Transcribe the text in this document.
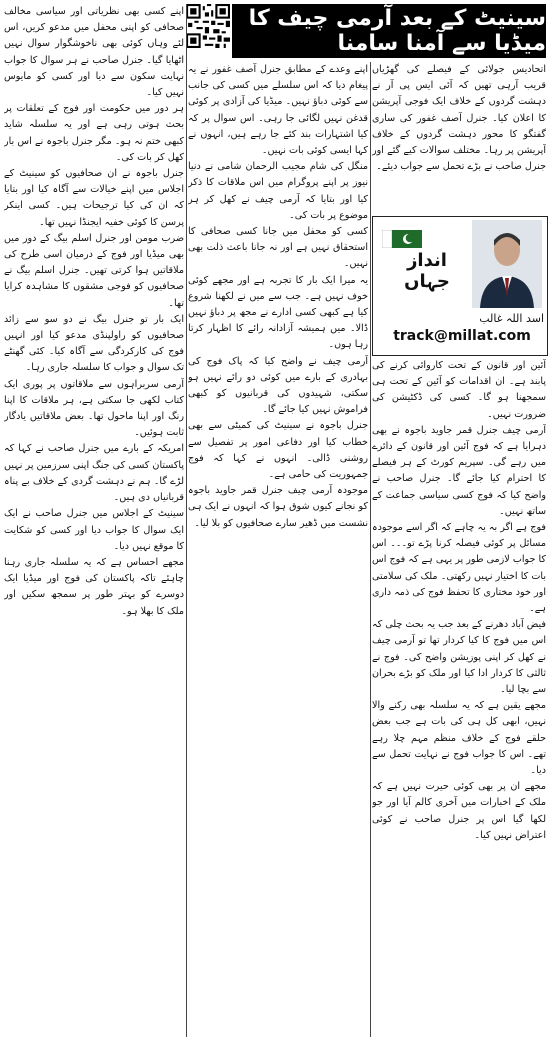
سینیٹ کے بعد آرمی چیف کا میڈیا سے آمنا سامنا

اتحادیس جولائی کے فیصلے کی گھڑیاں قریب آرہی تھیں کہ آئی ایس پی آر نے دہشت گردوں کے خلاف ایک فوجی آپریشن کا اعلان کیا۔ جنرل آصف غفور کی ساری گفتگو کا محور دہشت گردوں کے خلاف آپریشن پر رہا۔ مختلف سوالات کیے گئے اور جنرل صاحب نے بڑے تحمل سے جواب دیئے۔

انداز جہاں
اسد اللہ غالب
track@millat.com

آئین اور قانون کے تحت کاروائی کرنے کی پابند ہے۔ ان اقدامات کو آئین کے تحت ہی سمجھنا ہو گا۔ کسی کی ڈکٹیشن کی ضرورت نہیں۔

آرمی چیف جنرل قمر جاوید باجوہ نے بھی دہرایا ہے کہ فوج آئین اور قانون کے دائرے میں رہے گی۔ سپریم کورٹ کے ہر فیصلے کا احترام کیا جائے گا۔ جنرل صاحب نے واضح کیا کہ فوج کسی سیاسی جماعت کے ساتھ نہیں۔

فوج ہے اگر بہ یہ چاہے کہ اگر اسے موجودہ مسائل پر کوئی فیصلہ کرنا پڑے تو۔۔۔ اس کا جواب لازمی طور پر یہی ہے کہ فوج اس بات کا اختیار نہیں رکھتی۔ ملک کی سلامتی اور خود مختاری کا تحفظ فوج کی ذمہ داری ہے۔

فیض آباد دھرنے کے بعد جب یہ بحث چلی کہ اس میں فوج کا کیا کردار تھا تو آرمی چیف نے کھل کر اپنی پوزیشن واضح کی۔ فوج نے ثالثی کا کردار ادا کیا اور ملک کو بڑے بحران سے بچا لیا۔

مجھے یقین ہے کہ یہ سلسلہ بھی رکنے والا نہیں، ابھی کل ہی کی بات ہے جب بعض حلقے فوج کے خلاف منظم مہم چلا رہے تھے۔ اس کا جواب فوج نے نہایت تحمل سے دیا۔

مجھے ان پر بھی کوئی حیرت نہیں ہے کہ ملک کے اخبارات میں آخری کالم آیا اور جو لکھا گیا اس پر جنرل صاحب نے کوئی اعتراض نہیں کیا۔

اپنے وعدے کے مطابق جنرل آصف غفور نے یہ پیغام دیا کہ اس سلسلے میں کسی کی جانب سے کوئی دباؤ نہیں۔ میڈیا کی آزادی پر کوئی قدغن نہیں لگائی جا رہی۔ اس سوال پر کہ کیا اشتہارات بند کئے جا رہے ہیں، انہوں نے کہا ایسی کوئی بات نہیں۔

منگل کی شام مجیب الرحمان شامی نے دنیا نیوز پر اپنے پروگرام میں اس ملاقات کا ذکر کیا اور بتایا کہ آرمی چیف نے کھل کر ہر موضوع پر بات کی۔

کسی کو محفل میں جانا کسی صحافی کا استحقاق نہیں ہے اور نہ جانا باعث ذلت بھی نہیں۔

یہ میرا ایک بار کا تجربہ ہے اور مجھے کوئی خوف نہیں ہے۔ جب سے میں نے لکھنا شروع کیا ہے کبھی کسی ادارے نے مجھ پر دباؤ نہیں ڈالا۔ میں ہمیشہ آزادانہ رائے کا اظہار کرتا رہا ہوں۔

آرمی چیف نے واضح کیا کہ پاک فوج کی بہادری کے بارے میں کوئی دو رائے نہیں ہو سکتی، شہیدوں کی قربانیوں کو کبھی فراموش نہیں کیا جائے گا۔

جنرل باجوہ نے سینیٹ کی کمیٹی سے بھی خطاب کیا اور دفاعی امور پر تفصیل سے روشنی ڈالی۔ انہوں نے کہا کہ فوج جمہوریت کی حامی ہے۔

موجودہ آرمی چیف جنرل قمر جاوید باجوہ کو نجانے کیوں شوق ہوا کہ انہوں نے ایک ہی نشست میں ڈھیر سارے صحافیوں کو بلا لیا۔

اپنے کسی بھی نظریاتی اور سیاسی مخالف صحافی کو اپنی محفل میں مدعو کریں، اس لئے وہاں کوئی بھی ناخوشگوار سوال نہیں اٹھایا گیا۔ جنرل صاحب نے ہر سوال کا جواب نہایت سکون سے دیا اور کسی کو مایوس نہیں کیا۔

ہر دور میں حکومت اور فوج کے تعلقات پر بحث ہوتی رہی ہے اور یہ سلسلہ شاید کبھی ختم نہ ہو۔ مگر جنرل باجوہ نے اس بار کھل کر بات کی۔

جنرل باجوہ نے ان صحافیوں کو سینیٹ کے اجلاس میں اپنے خیالات سے آگاہ کیا اور بتایا کہ ان کی کیا ترجیحات ہیں۔ کسی اینکر پرسن کا کوئی خفیہ ایجنڈا نہیں تھا۔

ضرب مومن اور جنرل اسلم بیگ کے دور میں بھی میڈیا اور فوج کے درمیان اسی طرح کی ملاقاتیں ہوا کرتی تھیں۔ جنرل اسلم بیگ نے صحافیوں کو فوجی مشقوں کا مشاہدہ کرایا تھا۔

ایک بار تو جنرل بیگ نے دو سو سے زائد صحافیوں کو راولپنڈی مدعو کیا اور انہیں فوج کی کارکردگی سے آگاہ کیا۔ کئی گھنٹے تک سوال و جواب کا سلسلہ جاری رہا۔

آرمی سربراہوں سے ملاقاتوں پر پوری ایک کتاب لکھی جا سکتی ہے، ہر ملاقات کا اپنا رنگ اور اپنا ماحول تھا۔ بعض ملاقاتیں یادگار ثابت ہوئیں۔

امریکہ کے بارے میں جنرل صاحب نے کہا کہ پاکستان کسی کی جنگ اپنی سرزمین پر نہیں لڑے گا۔ ہم نے دہشت گردی کے خلاف بے پناہ قربانیاں دی ہیں۔

سینیٹ کے اجلاس میں جنرل صاحب نے ایک ایک سوال کا جواب دیا اور کسی کو شکایت کا موقع نہیں دیا۔

مجھے احساس ہے کہ یہ سلسلہ جاری رہنا چاہئے تاکہ پاکستان کی فوج اور میڈیا ایک دوسرے کو بہتر طور پر سمجھ سکیں اور ملک کا بھلا ہو۔
